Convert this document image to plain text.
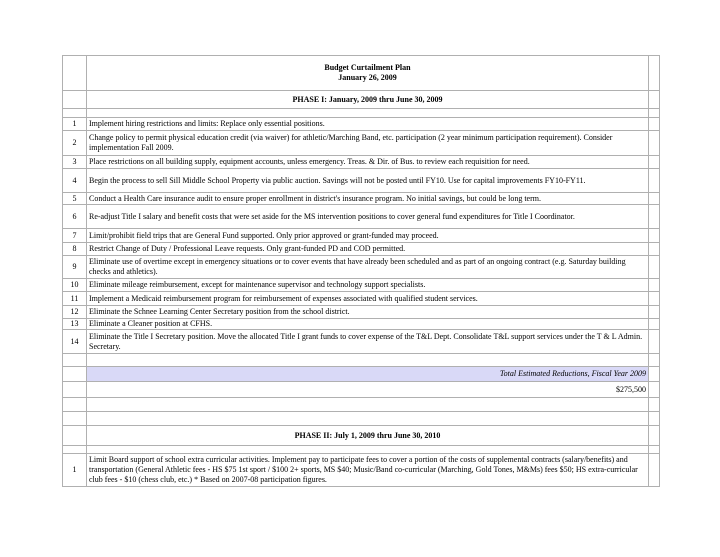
	Budget Curtailment Plan
January 26, 2009	

	PHASE I: January, 2009 thru June 30, 2009	

1	Implement hiring restrictions and limits: Replace only essential positions.	
2	Change policy to permit physical education credit (via waiver) for athletic/Marching Band, etc. participation (2 year minimum participation requirement). Consider implementation Fall 2009.	
3	Place restrictions on all building supply, equipment accounts, unless emergency. Treas. & Dir. of Bus. to review each requisition for need.	
4	Begin the process to sell Sill Middle School Property via public auction. Savings will not be posted until FY10. Use for capital improvements FY10-FY11.	
5	Conduct a Health Care insurance audit to ensure proper enrollment in district's insurance program. No initial savings, but could be long term.	
6	Re-adjust Title I salary and benefit costs that were set aside for the MS intervention positions to cover general fund expenditures for Title I Coordinator.	
7	Limit/prohibit field trips that are General Fund supported. Only prior approved or grant-funded may proceed.	
8	Restrict Change of Duty / Professional Leave requests. Only grant-funded PD and COD permitted.	
9	Eliminate use of overtime except in emergency situations or to cover events that have already been scheduled and as part of an ongoing contract (e.g. Saturday building checks and athletics).	
10	Eliminate mileage reimbursement, except for maintenance supervisor and technology support specialists.	
11	Implement a Medicaid reimbursement program for reimbursement of expenses associated with qualified student services.	
12	Eliminate the Schnee Learning Center Secretary position from the school district.	
13	Eliminate a Cleaner position at CFHS.	
14	Eliminate the Title I Secretary position. Move the allocated Title I grant funds to cover expense of the T&L Dept. Consolidate T&L support services under the T & L Admin. Secretary.	

	Total Estimated Reductions, Fiscal Year 2009	
	$275,500	

	PHASE II: July 1, 2009 thru June 30, 2010	

1	Limit Board support of school extra curricular activities. Implement pay to participate fees to cover a portion of the costs of supplemental contracts (salary/benefits) and transportation (General Athletic fees - HS $75 1st sport / $100 2+ sports, MS $40; Music/Band co-curricular (Marching, Gold Tones, M&Ms) fees $50; HS extra-curricular club fees - $10 (chess club, etc.) * Based on 2007-08 participation figures.	
